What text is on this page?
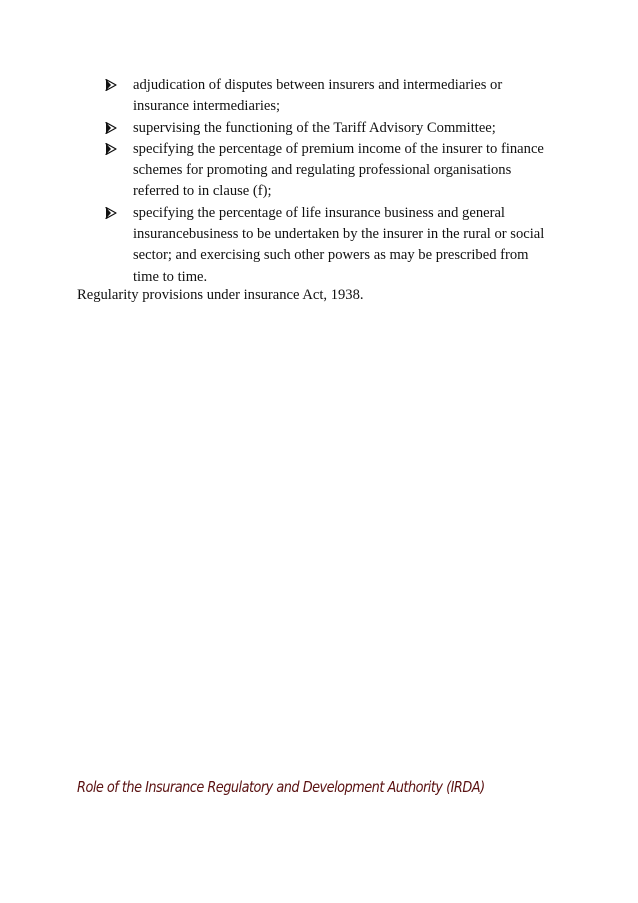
adjudication of disputes between insurers and intermediaries or
insurance intermediaries;
supervising the functioning of the Tariff Advisory Committee;
specifying the percentage of premium income of the insurer to finance
schemes for promoting and regulating professional organisations
referred to in clause (f);
specifying the percentage of life insurance business and general
insurancebusiness to be undertaken by the insurer in the rural or social
sector; and exercising such other powers as may be prescribed from
time to time.

Regularity provisions under insurance Act, 1938.

Role of the Insurance Regulatory and Development Authority (IRDA)
